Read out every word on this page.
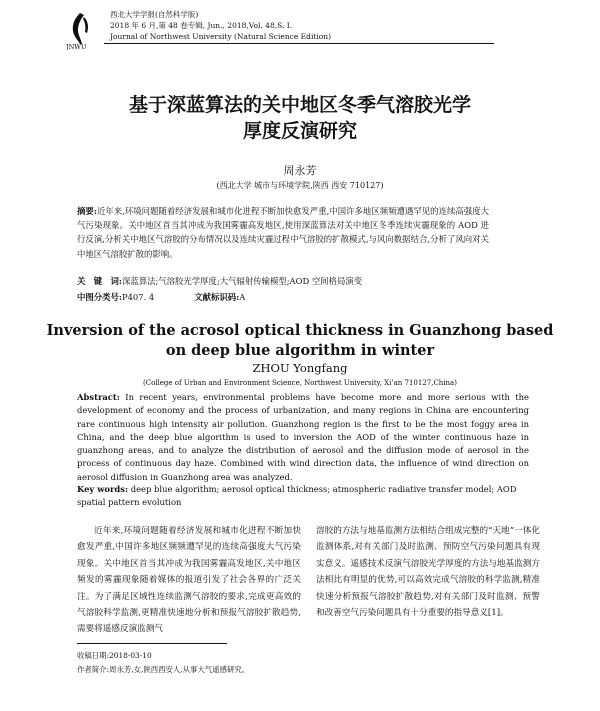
JNWU
西北大学学报(自然科学版)
2018 年 6 月,第 48 卷专辑, Jun., 2018,Vol. 48,S. I.
Journal of Northwest University (Natural Science Edition)
基于深蓝算法的关中地区冬季气溶胶光学
厚度反演研究
周永芳
(西北大学 城市与环境学院,陕西 西安 710127)
摘要:近年来,环境问题随着经济发展和城市化进程不断加快愈发严重,中国许多地区频频遭遇罕见的连续高强度大气污染现象。关中地区首当其冲成为我国雾霾高发地区,使用深蓝算法对关中地区冬季连续灾霾现象的 AOD 进行反演,分析关中地区气溶胶的分布情况以及连续灾霾过程中气溶胶的扩散模式,与风向数据结合,分析了风向对关中地区气溶胶扩散的影响。
关　键　词:深蓝算法;气溶胶光学厚度;大气辐射传输模型;AOD 空间格局演变
中图分类号:P407. 4	文献标识码:A
Inversion of the acrosol optical thickness in Guanzhong based
on deep blue algorithm in winter
ZHOU Yongfang
(College of Urban and Environment Science, Northwest University, Xi’an 710127,China)
Abstract: In recent years, environmental problems have become more and more serious with the development of economy and the process of urbanization, and many regions in China are encountering rare continuous high intensity air pollution. Guanzhong region is the first to be the most foggy area in China, and the deep blue algorithm is used to inversion the AOD of the winter continuous haze in guanzhong areas, and to analyze the distribution of aerosol and the diffusion mode of aerosol in the process of continuous day haze. Combined with wind direction data, the influence of wind direction on aerosol diffusion in Guanzhong area was analyzed.
Key words: deep blue algorithm; aerosol optical thickness; atmospheric radiative transfer model; AOD spatial pattern evolution
近年来,环境问题随着经济发展和城市化进程不断加快愈发严重,中国许多地区频频遭罕见的连续高强度大气污染现象。关中地区首当其冲成为我国雾霾高发地区,关中地区频发的雾霾现象随着媒体的报道引发了社会各界的广泛关注。为了满足区域性连续监测气溶胶的要求,完成更高效的气溶胶科学监测,更精准快速地分析和预报气溶胶扩散趋势,需要将遥感反演监测气
溶胶的方法与地基监测方法相结合组成完整的“天地”一体化监测体系,对有关部门及时监测、预防空气污染问题具有现实意义。遥感技术反演气溶胶光学厚度的方法与地基监测方法相比有明显的优势,可以高效完成气溶胶的科学监测,精准快速分析预报气溶胶扩散趋势,对有关部门及时监测、预警和改善空气污染问题具有十分重要的指导意义[1]。
收稿日期:2018-03-10
作者简介:周永芳,女,陕西西安人,从事大气遥感研究。
